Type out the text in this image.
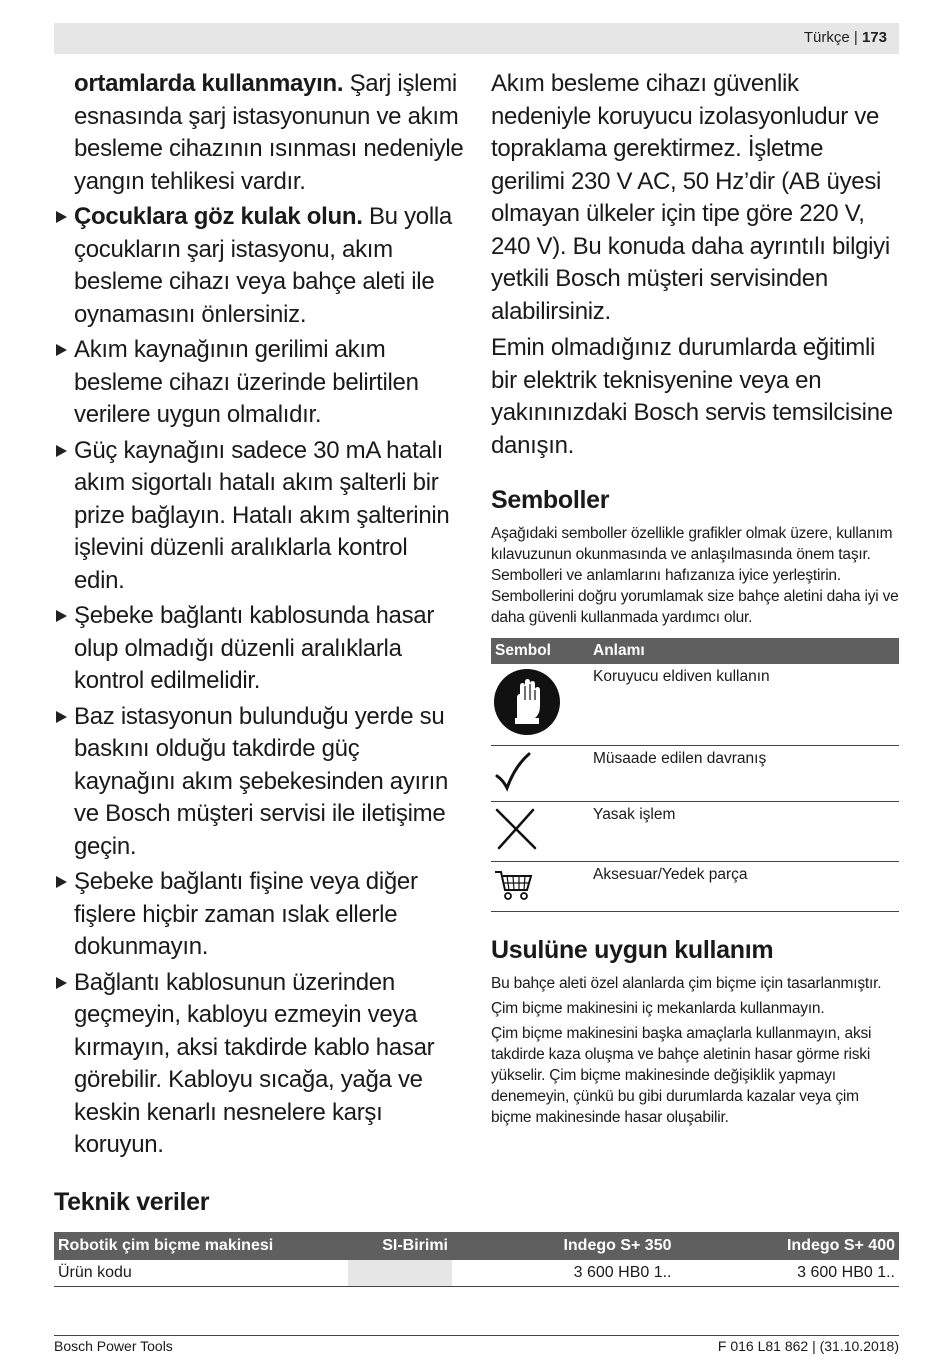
Türkçe | 173

ortamlarda kullanmayın. Şarj işlemi esnasında şarj istasyonunun ve akım besleme cihazının ısınması nedeniyle yangın tehlikesi vardır.

Çocuklara göz kulak olun. Bu yolla çocukların şarj istasyonu, akım besleme cihazı veya bahçe aleti ile oynamasını önlersiniz.

Akım kaynağının gerilimi akım besleme cihazı üzerinde belirtilen verilere uygun olmalıdır.

Güç kaynağını sadece 30 mA hatalı akım sigortalı hatalı akım şalterli bir prize bağlayın. Hatalı akım şalterinin işlevini düzenli aralıklarla kontrol edin.

Şebeke bağlantı kablosunda hasar olup olmadığı düzenli aralıklarla kontrol edilmelidir.

Baz istasyonun bulunduğu yerde su baskını olduğu takdirde güç kaynağını akım şebekesinden ayırın ve Bosch müşteri servisi ile iletişime geçin.

Şebeke bağlantı fişine veya diğer fişlere hiçbir zaman ıslak ellerle dokunmayın.

Bağlantı kablosunun üzerinden geçmeyin, kabloyu ezmeyin veya kırmayın, aksi takdirde kablo hasar görebilir. Kabloyu sıcağa, yağa ve keskin kenarlı nesnelere karşı koruyun.

Akım besleme cihazı güvenlik nedeniyle koruyucu izolasyonludur ve topraklama gerektirmez. İşletme gerilimi 230 V AC, 50 Hz’dir (AB üyesi olmayan ülkeler için tipe göre 220 V, 240 V). Bu konuda daha ayrıntılı bilgiyi yetkili Bosch müşteri servisinden alabilirsiniz.

Emin olmadığınız durumlarda eğitimli bir elektrik teknisyenine veya en yakınınızdaki Bosch servis temsilcisine danışın.

Semboller

Aşağıdaki semboller özellikle grafikler olmak üzere, kullanım kılavuzunun okunmasında ve anlaşılmasında önem taşır. Sembolleri ve anlamlarını hafızanıza iyice yerleştirin. Sembollerini doğru yorumlamak size bahçe aletini daha iyi ve daha güvenli kullanmada yardımcı olur.

Sembol	Anlamı
	Koruyucu eldiven kullanın
	Müsaade edilen davranış
	Yasak işlem
	Aksesuar/Yedek parça
Usulüne uygun kullanım

Bu bahçe aleti özel alanlarda çim biçme için tasarlanmıştır.

Çim biçme makinesini iç mekanlarda kullanmayın.

Çim biçme makinesini başka amaçlarla kullanmayın, aksi takdirde kaza oluşma ve bahçe aletinin hasar görme riski yükselir. Çim biçme makinesinde değişiklik yapmayı denemeyin, çünkü bu gibi durumlarda kazalar veya çim biçme makinesinde hasar oluşabilir.

Teknik veriler
Robotik çim biçme makinesi	SI-Birimi	Indego S+ 350	Indego S+ 400
Ürün kodu		3 600 HB0 1..	3 600 HB0 1..
Bosch Power Tools	F 016 L81 862 | (31.10.2018)
